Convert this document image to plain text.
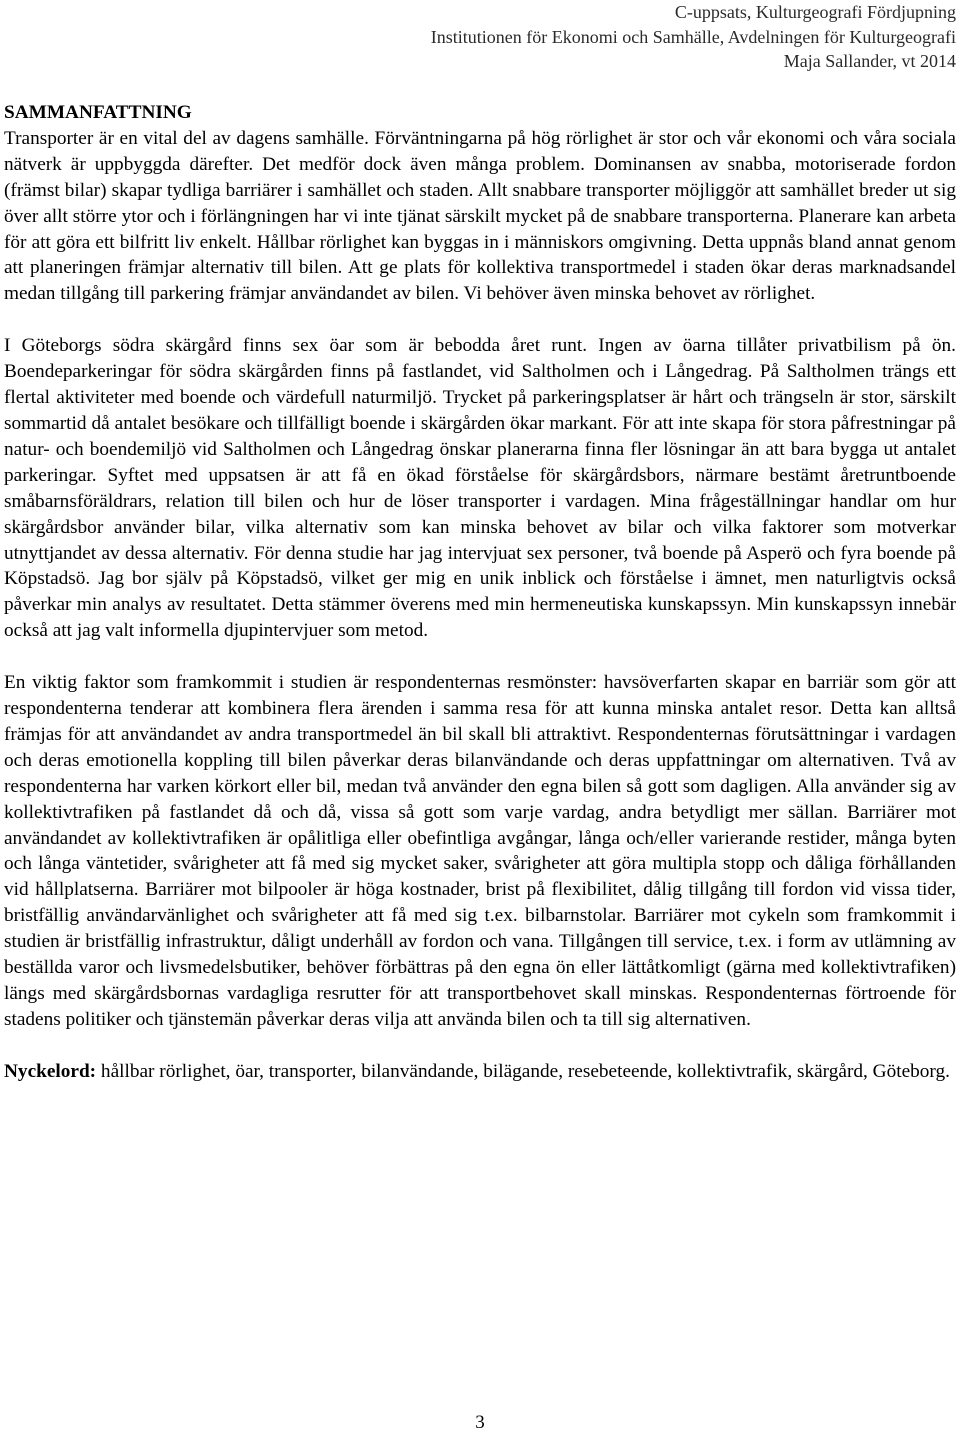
C-uppsats, Kulturgeografi Fördjupning
Institutionen för Ekonomi och Samhälle, Avdelningen för Kulturgeografi
Maja Sallander, vt 2014
SAMMANFATTNING

Transporter är en vital del av dagens samhälle. Förväntningarna på hög rörlighet är stor och vår ekonomi och våra sociala nätverk är uppbyggda därefter. Det medför dock även många problem. Dominansen av snabba, motoriserade fordon (främst bilar) skapar tydliga barriärer i samhället och staden. Allt snabbare transporter möjliggör att samhället breder ut sig över allt större ytor och i förlängningen har vi inte tjänat särskilt mycket på de snabbare transporterna. Planerare kan arbeta för att göra ett bilfritt liv enkelt. Hållbar rörlighet kan byggas in i människors omgivning. Detta uppnås bland annat genom att planeringen främjar alternativ till bilen. Att ge plats för kollektiva transportmedel i staden ökar deras marknadsandel medan tillgång till parkering främjar användandet av bilen. Vi behöver även minska behovet av rörlighet.

I Göteborgs södra skärgård finns sex öar som är bebodda året runt. Ingen av öarna tillåter privatbilism på ön. Boendeparkeringar för södra skärgården finns på fastlandet, vid Saltholmen och i Långedrag. På Saltholmen trängs ett flertal aktiviteter med boende och värdefull naturmiljö. Trycket på parkeringsplatser är hårt och trängseln är stor, särskilt sommartid då antalet besökare och tillfälligt boende i skärgården ökar markant. För att inte skapa för stora påfrestningar på natur- och boendemiljö vid Saltholmen och Långedrag önskar planerarna finna fler lösningar än att bara bygga ut antalet parkeringar. Syftet med uppsatsen är att få en ökad förståelse för skärgårdsbors, närmare bestämt åretruntboende småbarnsföräldrars, relation till bilen och hur de löser transporter i vardagen. Mina frågeställningar handlar om hur skärgårdsbor använder bilar, vilka alternativ som kan minska behovet av bilar och vilka faktorer som motverkar utnyttjandet av dessa alternativ. För denna studie har jag intervjuat sex personer, två boende på Asperö och fyra boende på Köpstadsö. Jag bor själv på Köpstadsö, vilket ger mig en unik inblick och förståelse i ämnet, men naturligtvis också påverkar min analys av resultatet. Detta stämmer överens med min hermeneutiska kunskapssyn. Min kunskapssyn innebär också att jag valt informella djupintervjuer som metod.

En viktig faktor som framkommit i studien är respondenternas resmönster: havsöverfarten skapar en barriär som gör att respondenterna tenderar att kombinera flera ärenden i samma resa för att kunna minska antalet resor. Detta kan alltså främjas för att användandet av andra transportmedel än bil skall bli attraktivt. Respondenternas förutsättningar i vardagen och deras emotionella koppling till bilen påverkar deras bilanvändande och deras uppfattningar om alternativen. Två av respondenterna har varken körkort eller bil, medan två använder den egna bilen så gott som dagligen. Alla använder sig av kollektivtrafiken på fastlandet då och då, vissa så gott som varje vardag, andra betydligt mer sällan. Barriärer mot användandet av kollektivtrafiken är opålitliga eller obefintliga avgångar, långa och/eller varierande restider, många byten och långa väntetider, svårigheter att få med sig mycket saker, svårigheter att göra multipla stopp och dåliga förhållanden vid hållplatserna. Barriärer mot bilpooler är höga kostnader, brist på flexibilitet, dålig tillgång till fordon vid vissa tider, bristfällig användarvänlighet och svårigheter att få med sig t.ex. bilbarnstolar. Barriärer mot cykeln som framkommit i studien är bristfällig infrastruktur, dåligt underhåll av fordon och vana. Tillgången till service, t.ex. i form av utlämning av beställda varor och livsmedelsbutiker, behöver förbättras på den egna ön eller lättåtkomligt (gärna med kollektivtrafiken) längs med skärgårdsbornas vardagliga resrutter för att transportbehovet skall minskas. Respondenternas förtroende för stadens politiker och tjänstemän påverkar deras vilja att använda bilen och ta till sig alternativen.

Nyckelord: hållbar rörlighet, öar, transporter, bilanvändande, bilägande, resebeteende, kollektivtrafik, skärgård, Göteborg.

3
